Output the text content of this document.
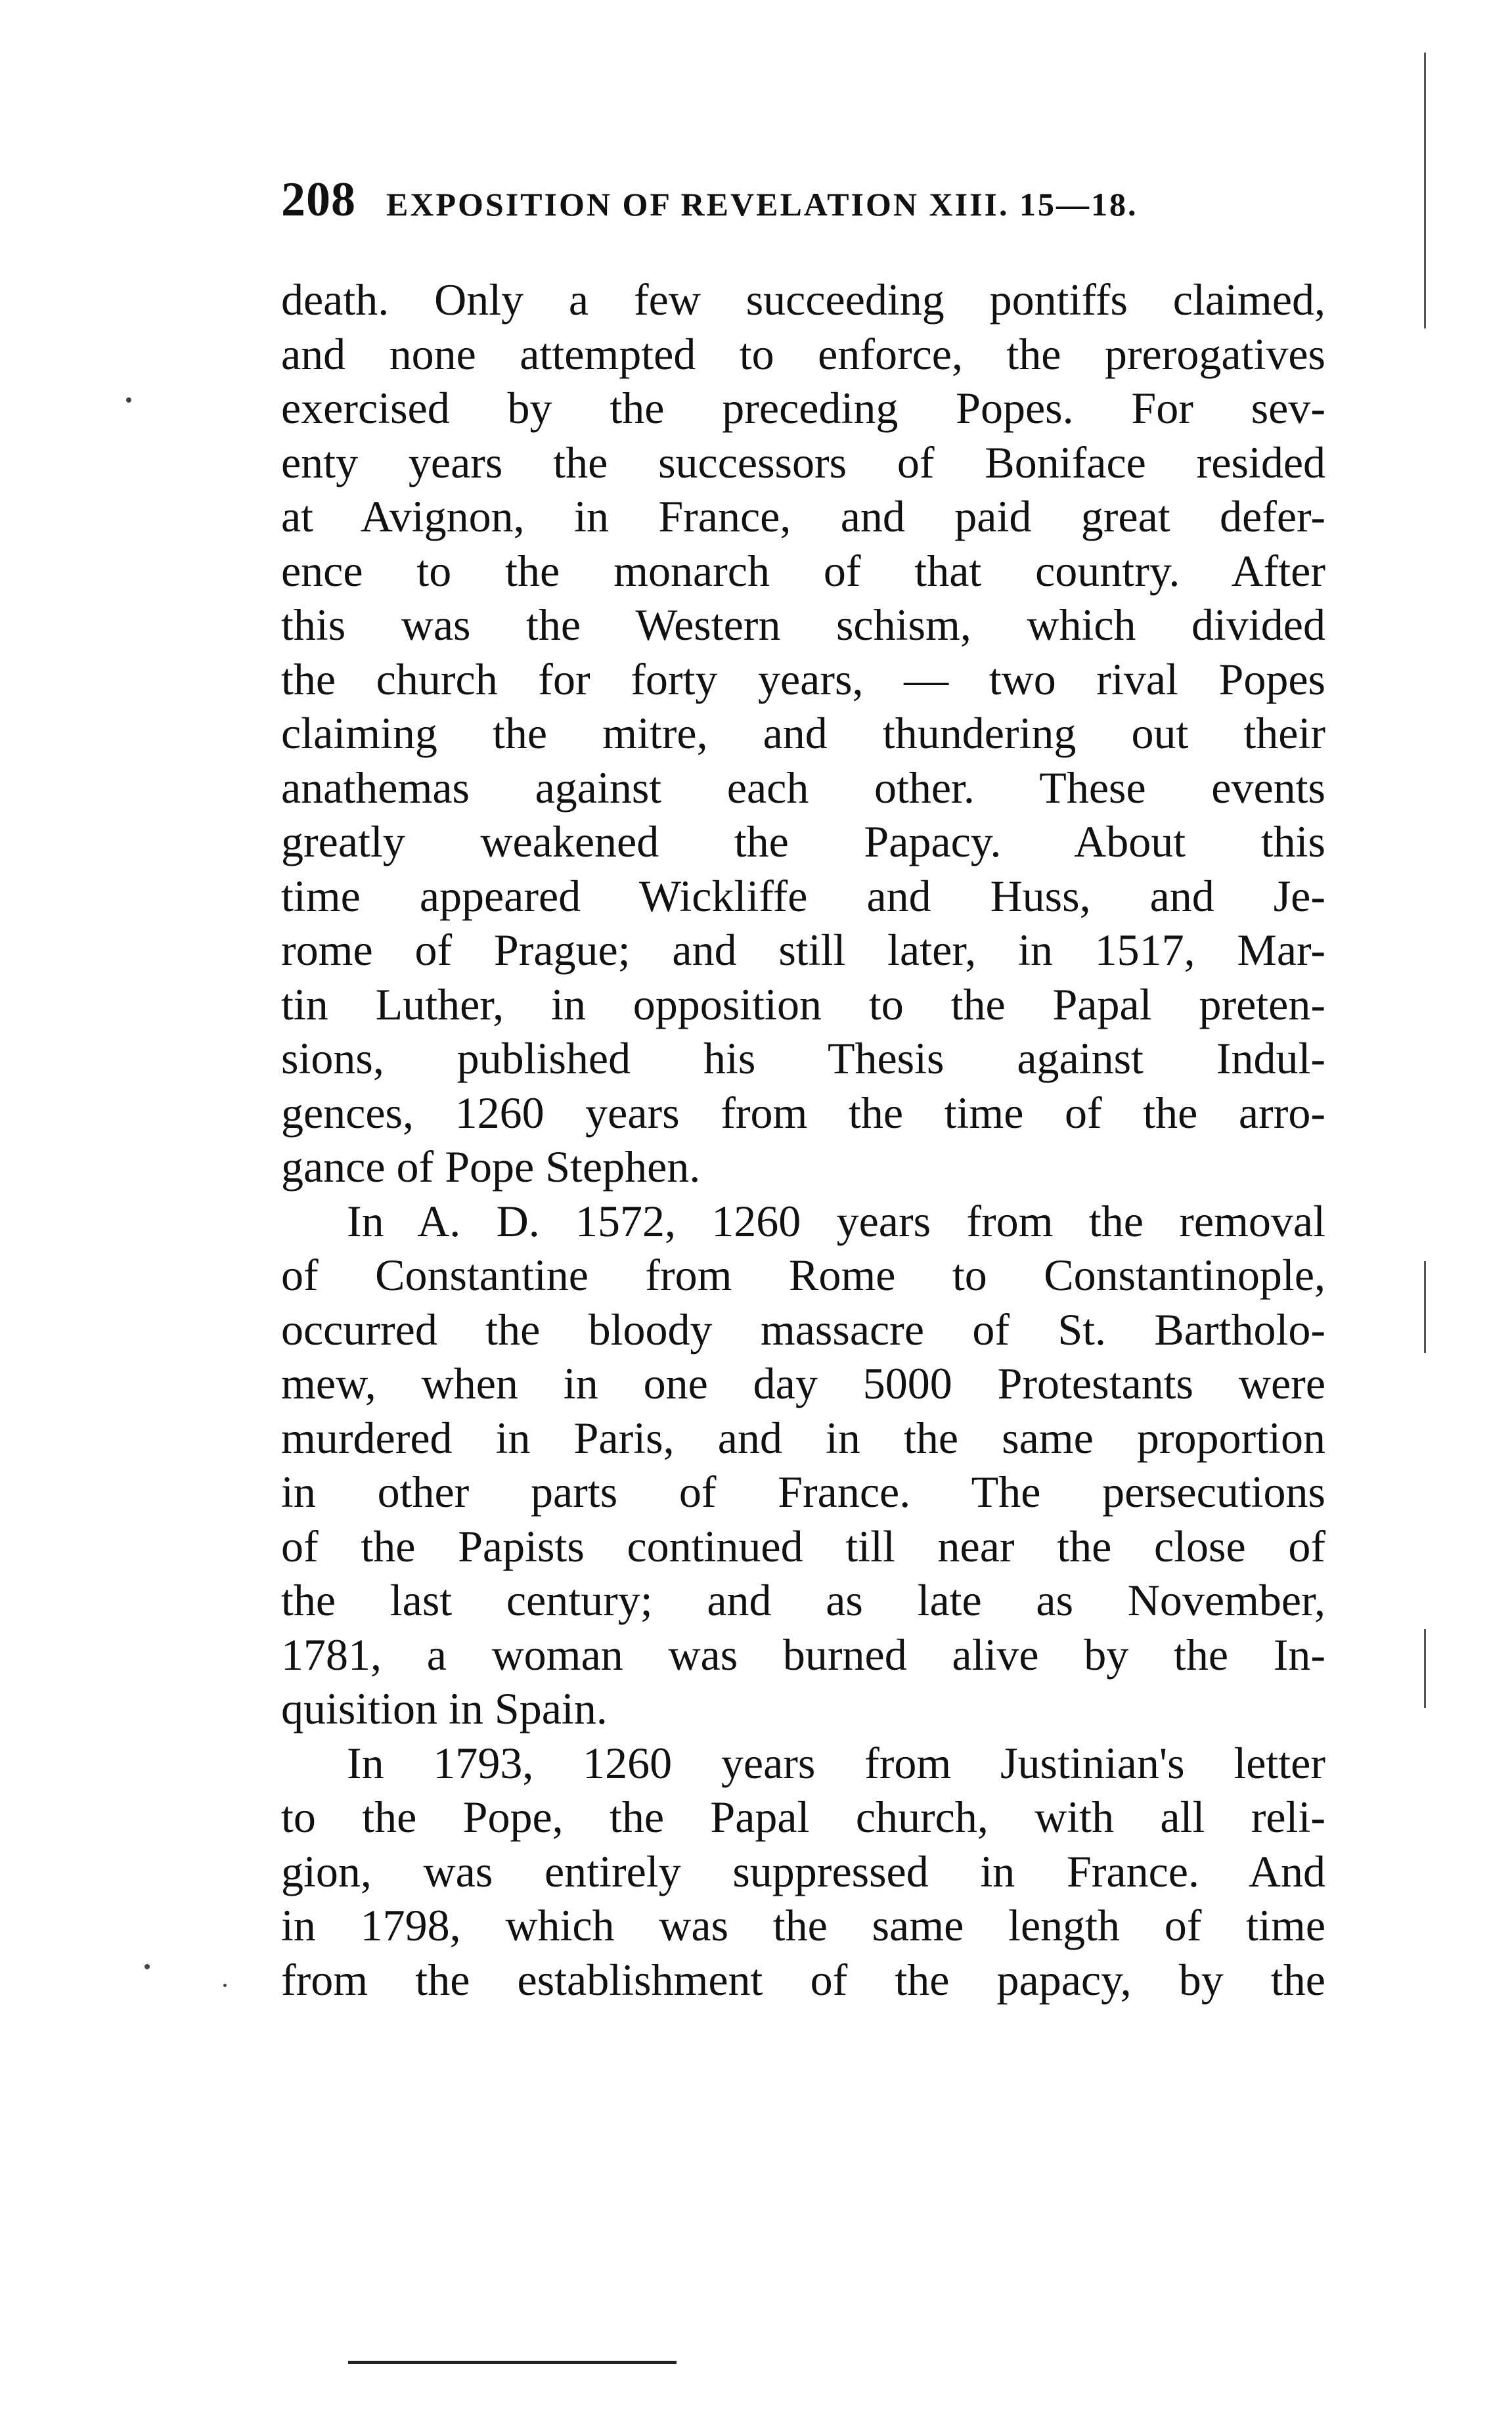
208 EXPOSITION OF REVELATION XIII. 15—18.
death. Only a few succeeding pontiffs claimed,
and none attempted to enforce, the prerogatives
exercised by the preceding Popes. For sev-
enty years the successors of Boniface resided
at Avignon, in France, and paid great defer-
ence to the monarch of that country. After
this was the Western schism, which divided
the church for forty years, — two rival Popes
claiming the mitre, and thundering out their
anathemas against each other. These events
greatly weakened the Papacy. About this
time appeared Wickliffe and Huss, and Je-
rome of Prague; and still later, in 1517, Mar-
tin Luther, in opposition to the Papal preten-
sions, published his Thesis against Indul-
gences, 1260 years from the time of the arro-
gance of Pope Stephen.
In A. D. 1572, 1260 years from the removal
of Constantine from Rome to Constantinople,
occurred the bloody massacre of St. Bartholo-
mew, when in one day 5000 Protestants were
murdered in Paris, and in the same proportion
in other parts of France. The persecutions
of the Papists continued till near the close of
the last century; and as late as November,
1781, a woman was burned alive by the In-
quisition in Spain.
In 1793, 1260 years from Justinian's letter
to the Pope, the Papal church, with all reli-
gion, was entirely suppressed in France. And
in 1798, which was the same length of time
from the establishment of the papacy, by the
